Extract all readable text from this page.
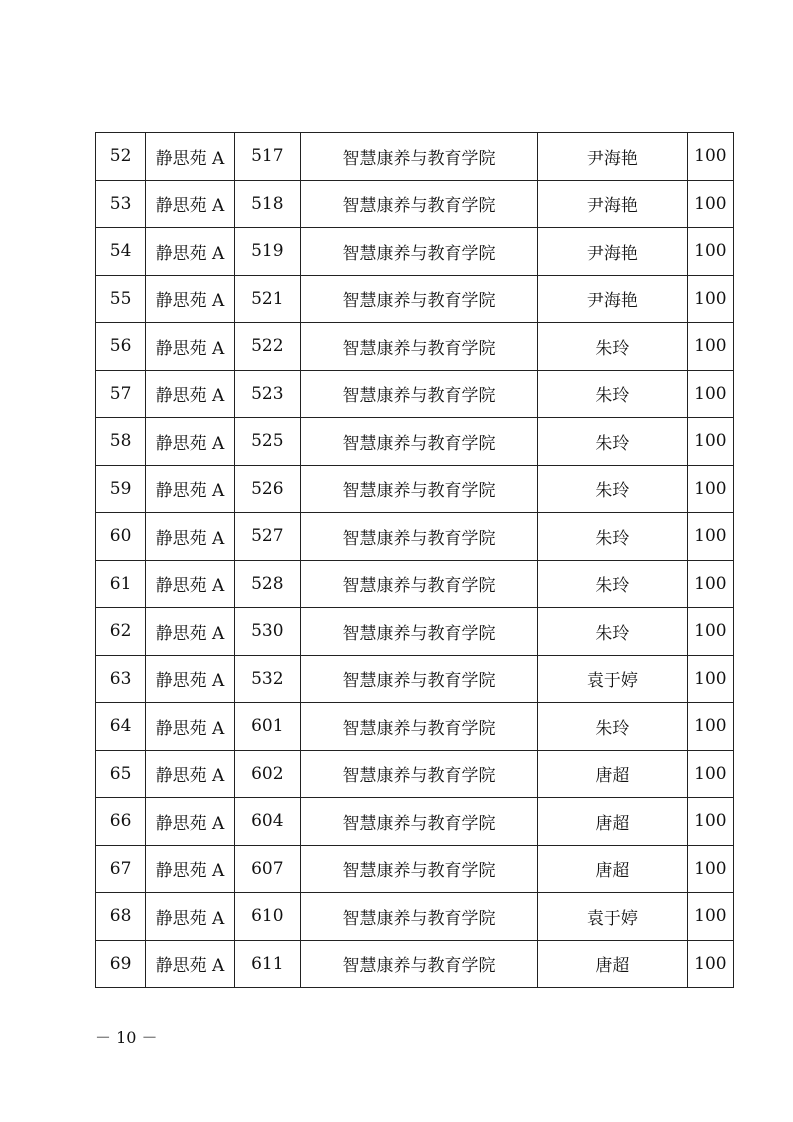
52	静思苑 A	517	智慧康养与教育学院	尹海艳	100
53	静思苑 A	518	智慧康养与教育学院	尹海艳	100
54	静思苑 A	519	智慧康养与教育学院	尹海艳	100
55	静思苑 A	521	智慧康养与教育学院	尹海艳	100
56	静思苑 A	522	智慧康养与教育学院	朱玲	100
57	静思苑 A	523	智慧康养与教育学院	朱玲	100
58	静思苑 A	525	智慧康养与教育学院	朱玲	100
59	静思苑 A	526	智慧康养与教育学院	朱玲	100
60	静思苑 A	527	智慧康养与教育学院	朱玲	100
61	静思苑 A	528	智慧康养与教育学院	朱玲	100
62	静思苑 A	530	智慧康养与教育学院	朱玲	100
63	静思苑 A	532	智慧康养与教育学院	袁于婷	100
64	静思苑 A	601	智慧康养与教育学院	朱玲	100
65	静思苑 A	602	智慧康养与教育学院	唐超	100
66	静思苑 A	604	智慧康养与教育学院	唐超	100
67	静思苑 A	607	智慧康养与教育学院	唐超	100
68	静思苑 A	610	智慧康养与教育学院	袁于婷	100
69	静思苑 A	611	智慧康养与教育学院	唐超	100
－ 10 －
